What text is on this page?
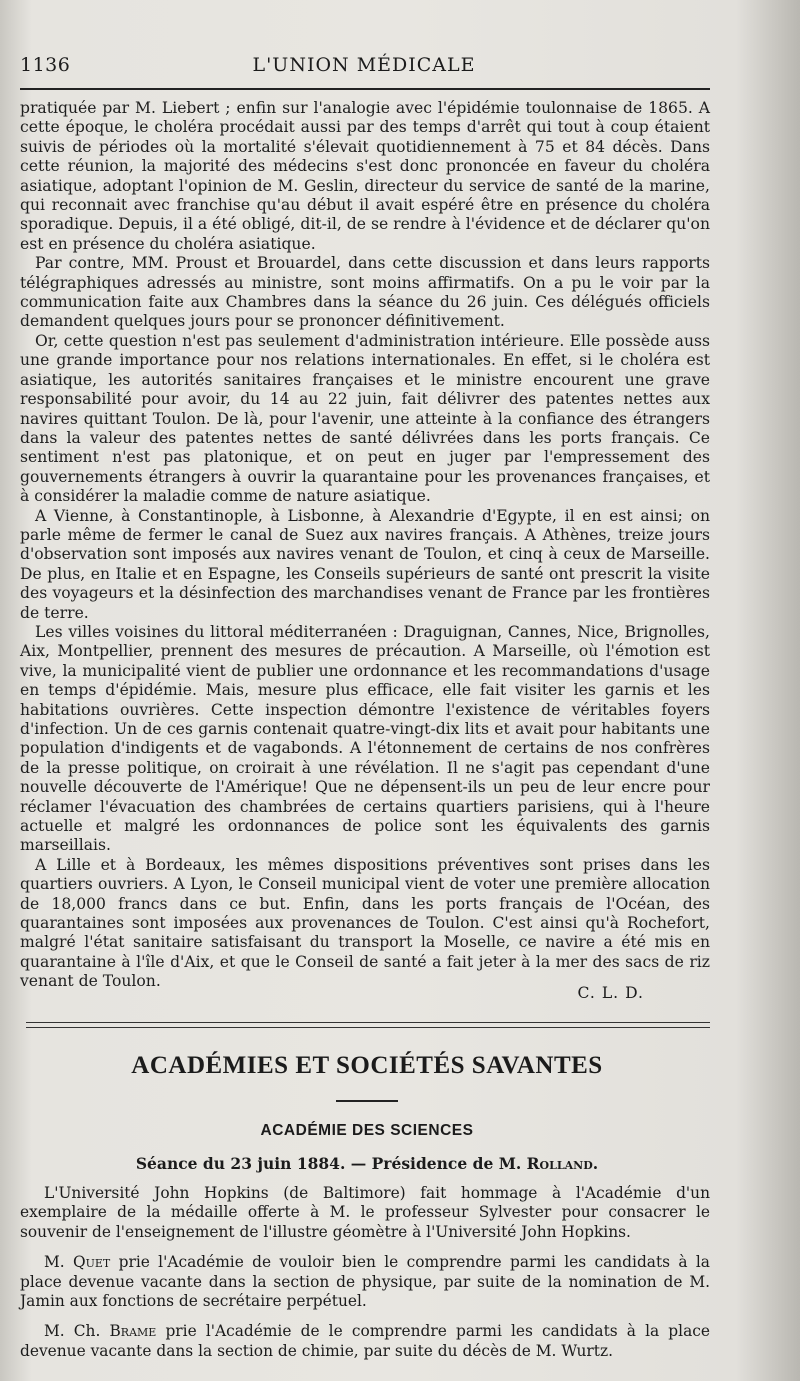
1136	L'UNION MÉDICALE

pratiquée par M. Liebert ; enfin sur l'analogie avec l'épidémie toulonnaise de 1865. A cette époque, le choléra procédait aussi par des temps d'arrêt qui tout à coup étaient suivis de périodes où la mortalité s'élevait quotidiennement à 75 et 84 décès. Dans cette réunion, la majorité des médecins s'est donc prononcée en faveur du choléra asiatique, adoptant l'opinion de M. Geslin, directeur du service de santé de la marine, qui reconnait avec franchise qu'au début il avait espéré être en présence du choléra sporadique. Depuis, il a été obligé, dit-il, de se rendre à l'évidence et de déclarer qu'on est en présence du choléra asiatique.

Par contre, MM. Proust et Brouardel, dans cette discussion et dans leurs rapports télégraphiques adressés au ministre, sont moins affirmatifs. On a pu le voir par la communication faite aux Chambres dans la séance du 26 juin. Ces délégués officiels demandent quelques jours pour se prononcer définitivement.

Or, cette question n'est pas seulement d'administration intérieure. Elle possède auss une grande importance pour nos relations internationales. En effet, si le choléra est asiatique, les autorités sanitaires françaises et le ministre encourent une grave responsabilité pour avoir, du 14 au 22 juin, fait délivrer des patentes nettes aux navires quittant Toulon. De là, pour l'avenir, une atteinte à la confiance des étrangers dans la valeur des patentes nettes de santé délivrées dans les ports français. Ce sentiment n'est pas platonique, et on peut en juger par l'empressement des gouvernements étrangers à ouvrir la quarantaine pour les provenances françaises, et à considérer la maladie comme de nature asiatique.

A Vienne, à Constantinople, à Lisbonne, à Alexandrie d'Egypte, il en est ainsi; on parle même de fermer le canal de Suez aux navires français. A Athènes, treize jours d'observation sont imposés aux navires venant de Toulon, et cinq à ceux de Marseille. De plus, en Italie et en Espagne, les Conseils supérieurs de santé ont prescrit la visite des voyageurs et la désinfection des marchandises venant de France par les frontières de terre.

Les villes voisines du littoral méditerranéen : Draguignan, Cannes, Nice, Brignolles, Aix, Montpellier, prennent des mesures de précaution. A Marseille, où l'émotion est vive, la municipalité vient de publier une ordonnance et les recommandations d'usage en temps d'épidémie. Mais, mesure plus efficace, elle fait visiter les garnis et les habitations ouvrières. Cette inspection démontre l'existence de véritables foyers d'infection. Un de ces garnis contenait quatre-vingt-dix lits et avait pour habitants une population d'indigents et de vagabonds. A l'étonnement de certains de nos confrères de la presse politique, on croirait à une révélation. Il ne s'agit pas cependant d'une nouvelle découverte de l'Amérique! Que ne dépensent-ils un peu de leur encre pour réclamer l'évacuation des chambrées de certains quartiers parisiens, qui à l'heure actuelle et malgré les ordonnances de police sont les équivalents des garnis marseillais.

A Lille et à Bordeaux, les mêmes dispositions préventives sont prises dans les quartiers ouvriers. A Lyon, le Conseil municipal vient de voter une première allocation de 18,000 francs dans ce but. Enfin, dans les ports français de l'Océan, des quarantaines sont imposées aux provenances de Toulon. C'est ainsi qu'à Rochefort, malgré l'état sanitaire satisfaisant du transport la Moselle, ce navire a été mis en quarantaine à l'île d'Aix, et que le Conseil de santé a fait jeter à la mer des sacs de riz venant de Toulon.

C. L. D.
ACADÉMIES ET SOCIÉTÉS SAVANTES
ACADÉMIE DES SCIENCES
Séance du 23 juin 1884. — Présidence de M. Rolland.

L'Université John Hopkins (de Baltimore) fait hommage à l'Académie d'un exemplaire de la médaille offerte à M. le professeur Sylvester pour consacrer le souvenir de l'enseignement de l'illustre géomètre à l'Université John Hopkins.

M. Quet prie l'Académie de vouloir bien le comprendre parmi les candidats à la place devenue vacante dans la section de physique, par suite de la nomination de M. Jamin aux fonctions de secrétaire perpétuel.

M. Ch. Brame prie l'Académie de le comprendre parmi les candidats à la place devenue vacante dans la section de chimie, par suite du décès de M. Wurtz.
